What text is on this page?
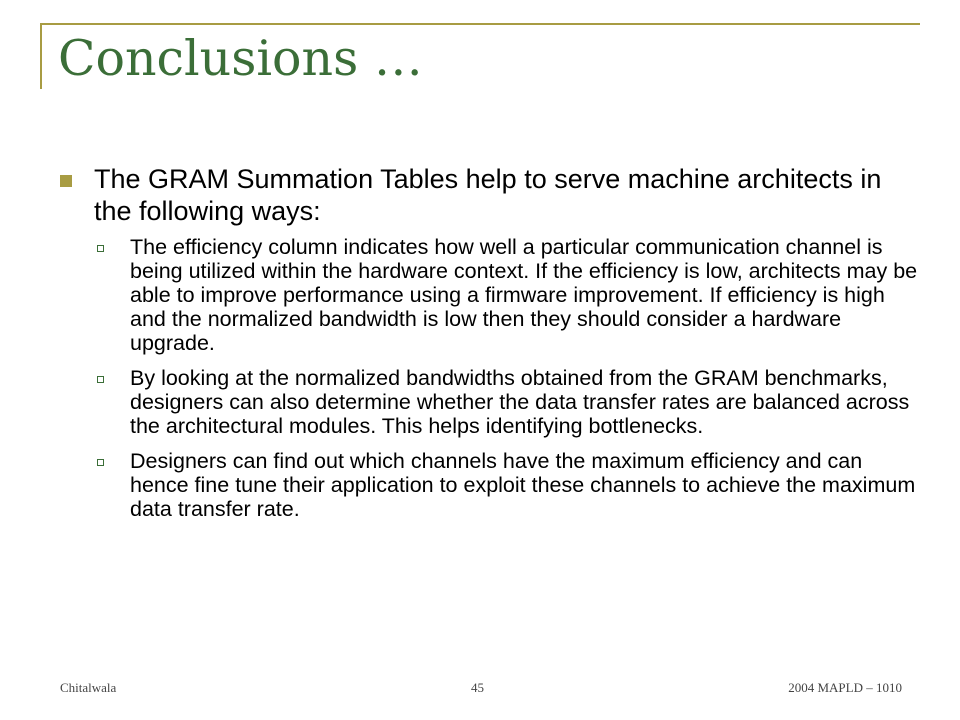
Conclusions …

The GRAM Summation Tables help to serve machine architects in the following ways:

The efficiency column indicates how well a particular communication channel is being utilized within the hardware context. If the efficiency is low, architects may be able to improve performance using a firmware improvement. If efficiency is high and the normalized bandwidth is low then they should consider a hardware upgrade.
By looking at the normalized bandwidths obtained from the GRAM benchmarks, designers can also determine whether the data transfer rates are balanced across the architectural modules. This helps identifying bottlenecks.
Designers can find out which channels have the maximum efficiency and can hence fine tune their application to exploit these channels to achieve the maximum data transfer rate.
Chitalwala	45	2004 MAPLD – 1010
